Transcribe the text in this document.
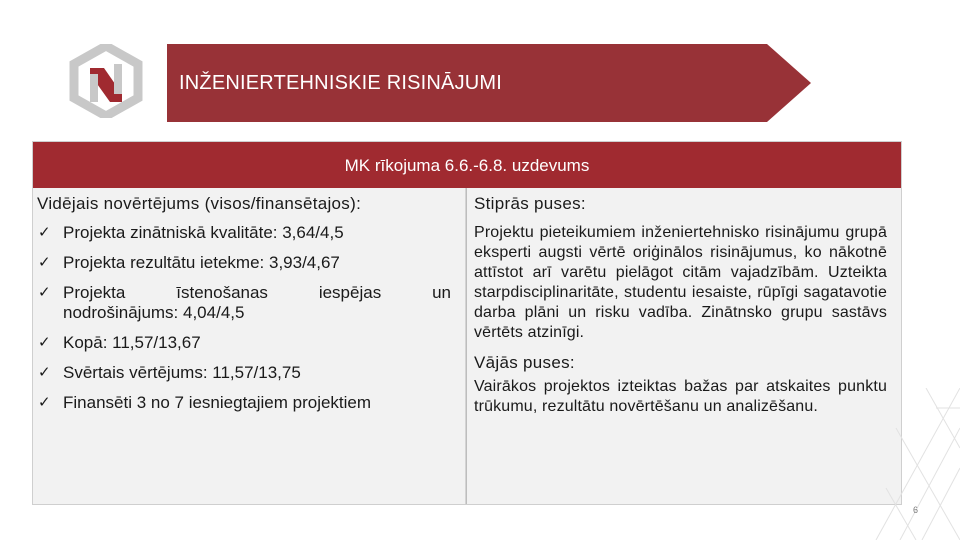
INŽENIERTEHNISKIE RISINĀJUMI
MK rīkojuma 6.6.-6.8. uzdevums
Vidējais novērtējums (visos/finansētajos):
✓ Projekta zinātniskā kvalitāte: 3,64/4,5
✓ Projekta rezultātu ietekme: 3,93/4,67
✓ Projekta īstenošanas iespējas un
nodrošinājums: 4,04/4,5
✓ Kopā: 11,57/13,67
✓ Svērtais vērtējums: 11,57/13,75
✓ Finansēti 3 no 7 iesniegtajiem projektiem
Stiprās puses:
Projektu pieteikumiem inženiertehnisko risinājumu grupā eksperti augsti vērtē oriģinālos risinājumus, ko nākotnē attīstot arī varētu pielāgot citām vajadzībām. Uzteikta starpdisciplinaritāte, studentu iesaiste, rūpīgi sagatavotie darba plāni un risku vadība. Zinātnsko grupu sastāvs vērtēts atzinīgi.
Vājās puses:
Vairākos projektos izteiktas bažas par atskaites punktu trūkumu, rezultātu novērtēšanu un analizēšanu.
6
